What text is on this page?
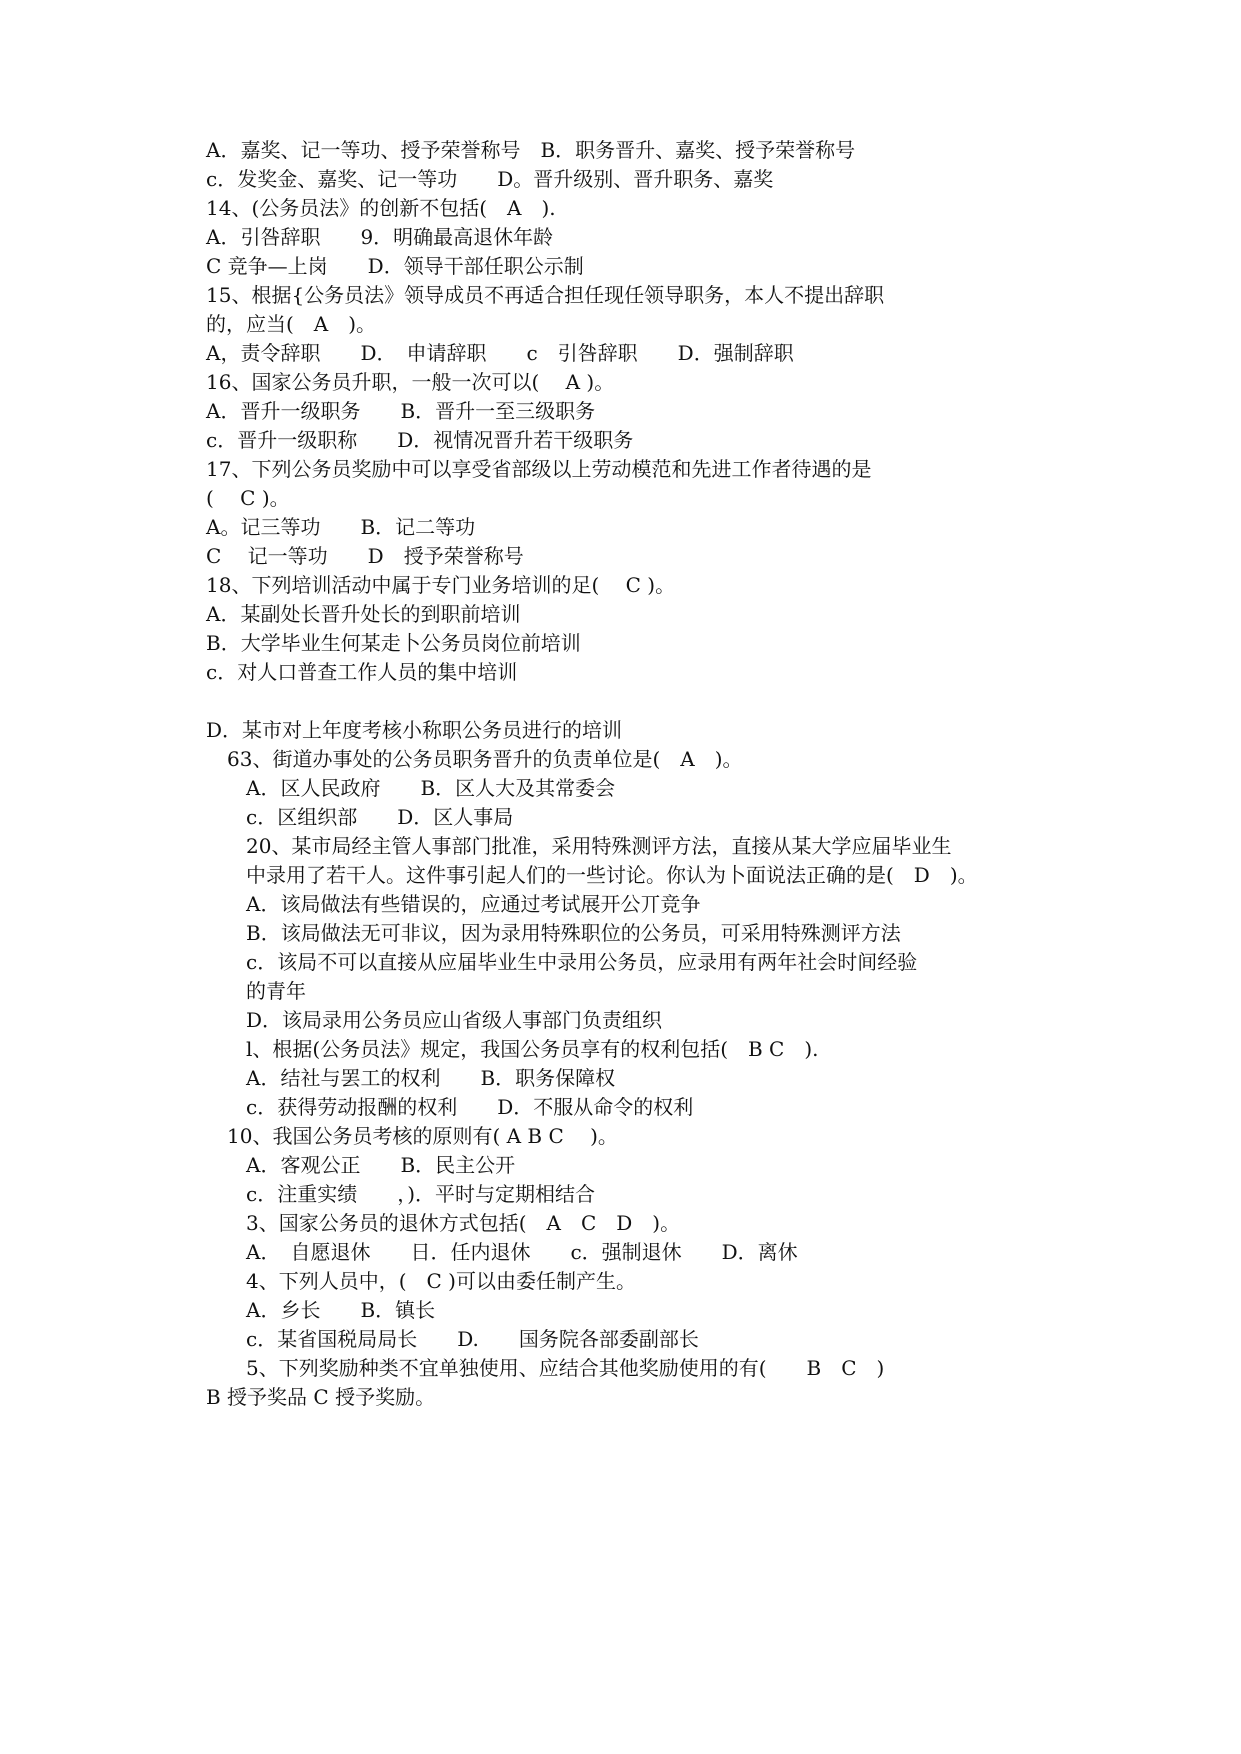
A．嘉奖、记一等功、授予荣誉称号　B．职务晋升、嘉奖、授予荣誉称号
c．发奖金、嘉奖、记一等功　　D。晋升级别、晋升职务、嘉奖
14、(公务员法》的创新不包括(　A　).
A．引咎辞职　　9．明确最高退休年龄
C 竞争—上岗　　D．领导干部任职公示制
15、根据{公务员法》领导成员不再适合担任现任领导职务，本人不提出辞职
的，应当(　A　)。
A，责令辞职　　D．　申请辞职　　c　引咎辞职　　D．强制辞职
16、国家公务员升职，一般一次可以(　 A )。
A．晋升一级职务　　B．晋升一至三级职务
c．晋升一级职称　　D．视情况晋升若干级职务
17、下列公务员奖励中可以享受省部级以上劳动模范和先进工作者待遇的是
(　 C )。
A。记三等功　　B．记二等功
C　 记一等功　　D　授予荣誉称号
18、下列培训活动中属于专门业务培训的足(　 C )。
A．某副处长晋升处长的到职前培训
B．大学毕业生何某走卜公务员岗位前培训
c．对人口普查工作人员的集中培训
D．某市对上年度考核小称职公务员进行的培训
63、街道办事处的公务员职务晋升的负责单位是(　A　)。
A．区人民政府　　B．区人大及其常委会
c．区组织部　　D．区人事局
20、某市局经主管人事部门批准，采用特殊测评方法，直接从某大学应届毕业生
中录用了若干人。这件事引起人们的一些讨论。你认为卜面说法正确的是(　D　)。
A．该局做法有些错误的，应通过考试展开公丌竞争
B．该局做法无可非议，因为录用特殊职位的公务员，可采用特殊测评方法
c．该局不可以直接从应届毕业生中录用公务员，应录用有两年社会时间经验
的青年
D．该局录用公务员应山省级人事部门负责组织
l、根据(公务员法》规定，我国公务员享有的权利包括(　B C　).
A．结社与罢工的权利　　B．职务保障权
c．获得劳动报酬的权利　　D．不服从命令的权利
10、我国公务员考核的原则有( A B C　 )。
A．客观公正　　B．民主公开
c．注重实绩　　，)．平时与定期相结合
3、国家公务员的退休方式包括(　A　C　D　)。
A．　自愿退休　　日．任内退休　　c．强制退休　　D．离休
4、下列人员中，(　C )可以由委任制产生。
A．乡长　　B．镇长
c．某省国税局局长　　D.　　国务院各部委副部长
5、下列奖励种类不宜单独使用、应结合其他奖励使用的有(　　B　C　)
B 授予奖品 C 授予奖励。
